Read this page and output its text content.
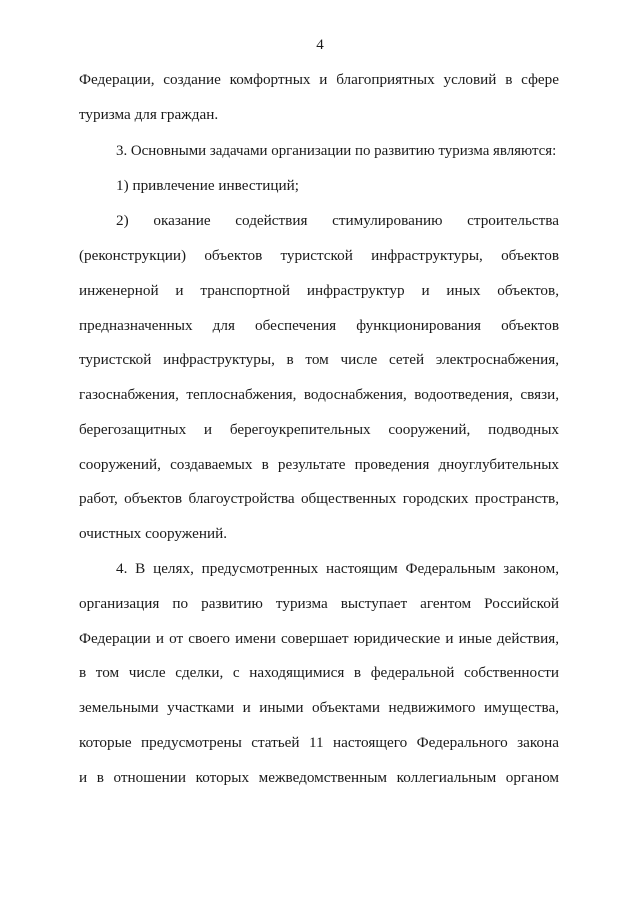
4
Федерации, создание комфортных и благоприятных условий в сфере
туризма для граждан.
3. Основными задачами организации по развитию туризма являются:
1) привлечение инвестиций;
2) оказание содействия стимулированию строительства
(реконструкции) объектов туристской инфраструктуры, объектов
инженерной и транспортной инфраструктур и иных объектов,
предназначенных для обеспечения функционирования объектов
туристской инфраструктуры, в том числе сетей электроснабжения,
газоснабжения, теплоснабжения, водоснабжения, водоотведения, связи,
берегозащитных и берегоукрепительных сооружений, подводных
сооружений, создаваемых в результате проведения дноуглубительных
работ, объектов благоустройства общественных городских пространств,
очистных сооружений.
4. В целях, предусмотренных настоящим Федеральным законом,
организация по развитию туризма выступает агентом Российской
Федерации и от своего имени совершает юридические и иные действия,
в том числе сделки, с находящимися в федеральной собственности
земельными участками и иными объектами недвижимого имущества,
которые предусмотрены статьей 11 настоящего Федерального закона
и в отношении которых межведомственным коллегиальным органом
